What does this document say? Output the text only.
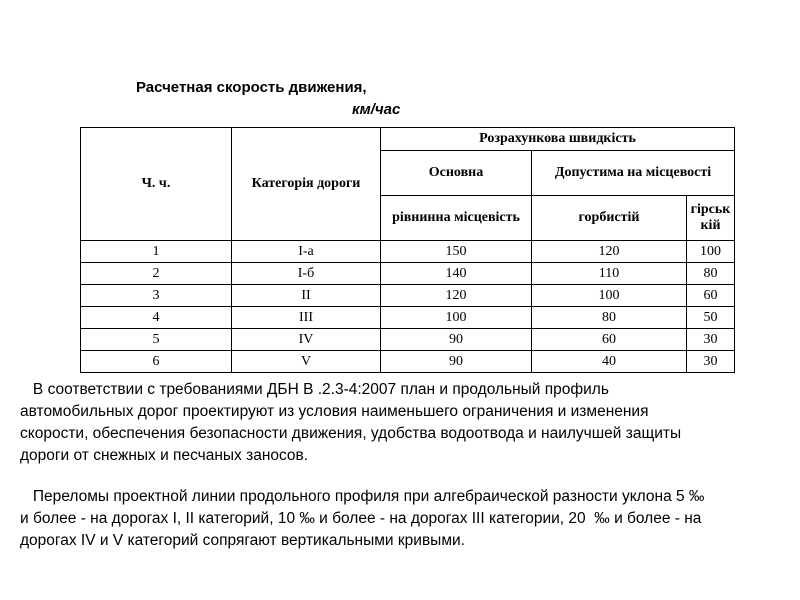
Расчетная скорость движения,
км/час
Ч. ч.	Категорія дороги	Розрахункова швидкість		
		Основна	Допустима на місцевості	
		рівнинна місцевість	горбистій	гірськ кій
1	I-а	150	120	100
2	I-б	140	110	80
3	II	120	100	60
4	III	100	80	50
5	IV	90	60	30
6	V	90	40	30
В соответствии с требованиями ДБН В .2.3-4:2007 план и продольный профиль
автомобильных дорог проектируют из условия наименьшего ограничения и изменения
скорости, обеспечения безопасности движения, удобства водоотвода и наилучшей защиты
дороги от снежных и песчаных заносов.
Переломы проектной линии продольного профиля при алгебраической разности уклона 5 ‰
и более - на дорогах I, II категорий, 10 ‰ и более - на дорогах III категории, 20  ‰ и более - на
дорогах IV и V категорий сопрягают вертикальными кривыми.
